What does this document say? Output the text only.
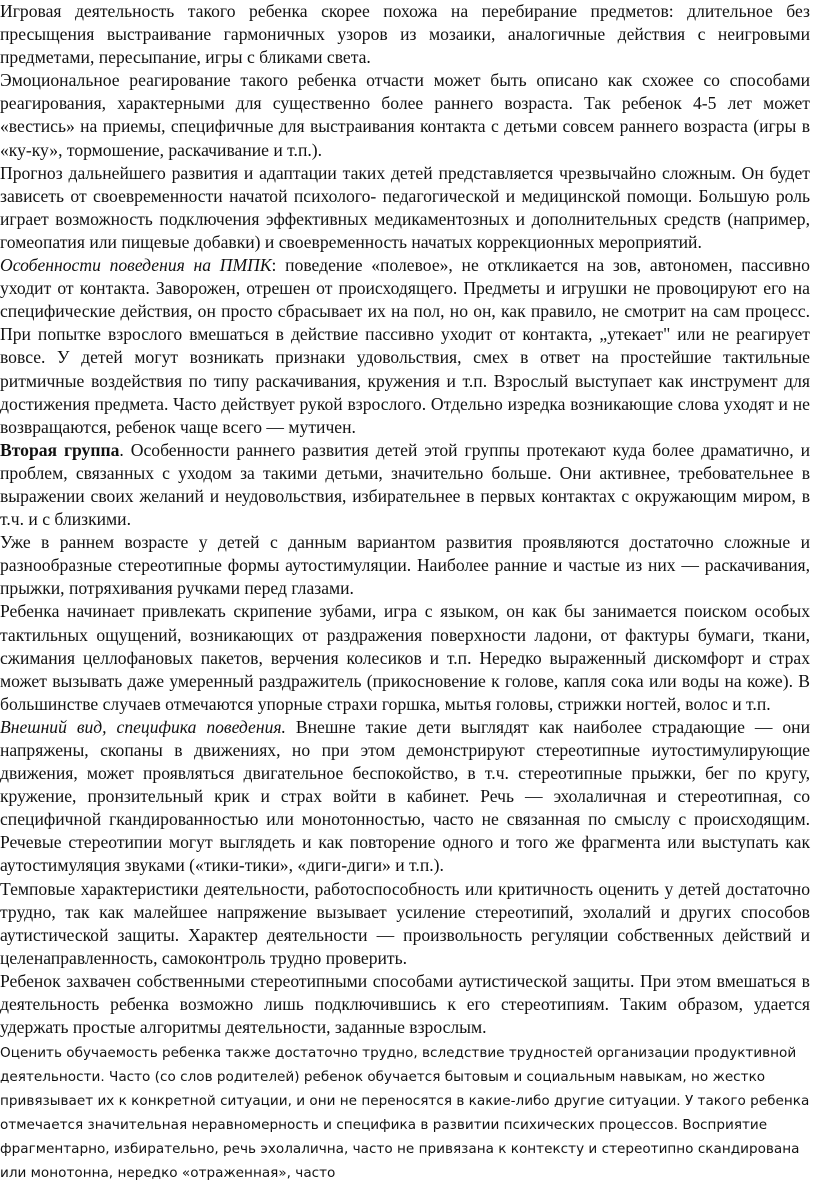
Игровая деятельность такого ребенка скорее похожа на перебирание предметов: длительное без пресыщения выстраивание гармоничных узоров из мозаики, аналогичные действия с неигровыми предметами, пересыпание, игры с бликами света.

Эмоциональное реагирование такого ребенка отчасти может быть описано как схожее со способами реагирования, характерными для существенно более раннего возраста. Так ребенок 4-5 лет может «вестись» на приемы, специфичные для выстраивания контакта с детьми совсем раннего возраста (игры в «ку-ку», тормошение, раскачивание и т.п.).

Прогноз дальнейшего развития и адаптации таких детей представляется чрезвычайно сложным. Он будет зависеть от своевременности начатой психолого- педагогической и медицинской помощи. Большую роль играет возможность подключения эффективных медикаментозных и дополнительных средств (например, гомеопатия или пищевые добавки) и своевременность начатых коррекционных мероприятий.

Особенности поведения на ПМПК: поведение «полевое», не откликается на зов, автономен, пассивно уходит от контакта. Заворожен, отрешен от происходящего. Предметы и игрушки не провоцируют его на специфические действия, он просто сбрасывает их на пол, но он, как правило, не смотрит на сам процесс. При попытке взрослого вмешаться в действие пассивно уходит от контакта, „утекает" или не реагирует вовсе. У детей могут возникать признаки удовольствия, смех в ответ на простейшие тактильные ритмичные воздействия по типу раскачивания, кружения и т.п. Взрослый выступает как инструмент для достижения предмета. Часто действует рукой взрослого. Отдельно изредка возникающие слова уходят и не возвращаются, ребенок чаще всего — мутичен.

Вторая группа. Особенности раннего развития детей этой группы протекают куда более драматично, и проблем, связанных с уходом за такими детьми, значительно больше. Они активнее, требовательнее в выражении своих желаний и неудовольствия, избирательнее в первых контактах с окружающим миром, в т.ч. и с близкими.

Уже в раннем возрасте у детей с данным вариантом развития проявляются достаточно сложные и разнообразные стереотипные формы аутостимуляции. Наиболее ранние и частые из них — раскачивания, прыжки, потряхивания ручками перед глазами.

Ребенка начинает привлекать скрипение зубами, игра с языком, он как бы занимается поиском особых тактильных ощущений, возникающих от раздражения поверхности ладони, от фактуры бумаги, ткани, сжимания целлофановых пакетов, верчения колесиков и т.п. Нередко выраженный дискомфорт и страх может вызывать даже умеренный раздражитель (прикосновение к голове, капля сока или воды на коже). В большинстве случаев отмечаются упорные страхи горшка, мытья головы, стрижки ногтей, волос и т.п.

Внешний вид, специфика поведения. Внешне такие дети выглядят как наиболее страдающие — они напряжены, скопаны в движениях, но при этом демонстрируют стереотипные иутостимулирующие движения, может проявляться двигательное беспокойство, в т.ч. стереотипные прыжки, бег по кругу, кружение, пронзительный крик и страх войти в кабинет. Речь — эхолаличная и стереотипная, со специфичной гкандированностью или монотонностью, часто не связанная по смыслу с происходящим. Речевые стереотипии могут выглядеть и как повторение одного и того же фрагмента или выступать как аутостимуляция звуками («тики-тики», «диги-диги» и т.п.).

Темповые характеристики деятельности, работоспособность или критичность оценить у детей достаточно трудно, так как малейшее напряжение вызывает усиление стереотипий, эхолалий и других способов аутистической защиты. Характер деятельности — произвольность регуляции собственных действий и целенаправленность, самоконтроль трудно проверить.

Ребенок захвачен собственными стереотипными способами аутистической защиты. При этом вмешаться в деятельность ребенка возможно лишь подключившись к его стереотипиям. Таким образом, удается удержать простые алгоритмы деятельности, заданные взрослым.

Оценить обучаемость ребенка также достаточно трудно, вследствие трудностей организации продуктивной деятельности. Часто (со слов родителей) ребенок обучается бытовым и социальным навыкам, но жестко привязывает их к конкретной ситуации, и они не переносятся в какие-либо другие ситуации. У такого ребенка отмечается значительная неравномерность и специфика в развитии психических процессов. Восприятие фрагментарно, избирательно, речь эхолалична, часто не привязана к контексту и стереотипно скандирована или монотонна, нередко «отраженная», часто
